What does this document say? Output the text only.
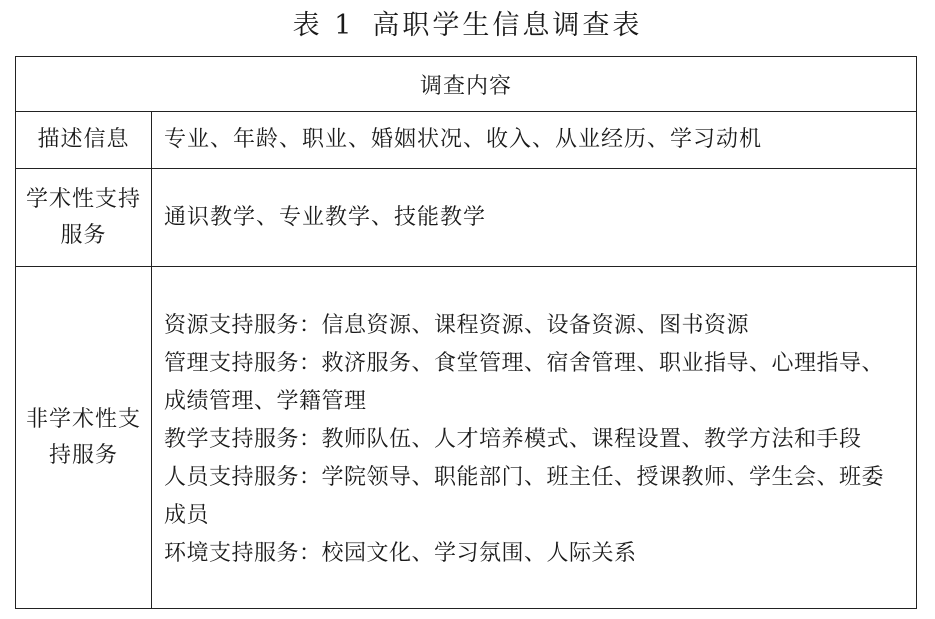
表 1 高职学生信息调查表
调查内容	
描述信息	专业、年龄、职业、婚姻状况、收入、从业经历、学习动机
学术性支持服务	通识教学、专业教学、技能教学
非学术性支持服务	资源支持服务：信息资源、课程资源、设备资源、图书资源
管理支持服务：救济服务、食堂管理、宿舍管理、职业指导、心理指导、成绩管理、学籍管理
教学支持服务：教师队伍、人才培养模式、课程设置、教学方法和手段
人员支持服务：学院领导、职能部门、班主任、授课教师、学生会、班委成员
环境支持服务：校园文化、学习氛围、人际关系
